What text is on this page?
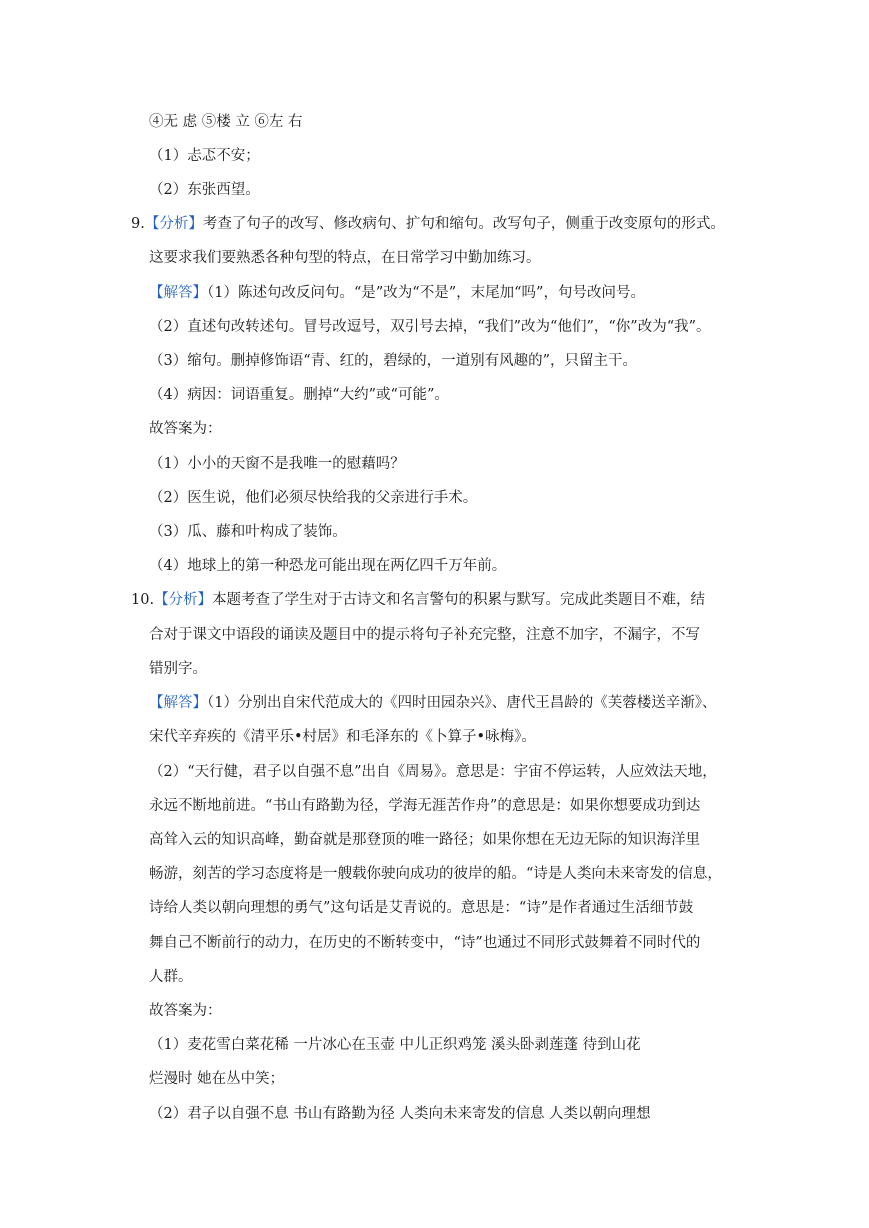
④无 虑 ⑤楼 立 ⑥左 右
（1）忐忑不安；
（2）东张西望。
9.【分析】考查了句子的改写、修改病句、扩句和缩句。改写句子，侧重于改变原句的形式。
这要求我们要熟悉各种句型的特点，在日常学习中勤加练习。
【解答】（1）陈述句改反问句。“是”改为“不是”，末尾加“吗”，句号改问号。
（2）直述句改转述句。冒号改逗号，双引号去掉，“我们”改为“他们”，“你”改为“我”。
（3）缩句。删掉修饰语“青、红的，碧绿的，一道别有风趣的”，只留主干。
（4）病因：词语重复。删掉“大约”或“可能”。
故答案为：
（1）小小的天窗不是我唯一的慰藉吗？
（2）医生说，他们必须尽快给我的父亲进行手术。
（3）瓜、藤和叶构成了装饰。
（4）地球上的第一种恐龙可能出现在两亿四千万年前。
10.【分析】本题考查了学生对于古诗文和名言警句的积累与默写。完成此类题目不难，结
合对于课文中语段的诵读及题目中的提示将句子补充完整，注意不加字，不漏字，不写
错别字。
【解答】（1）分别出自宋代范成大的《四时田园杂兴》、唐代王昌龄的《芙蓉楼送辛渐》、
宋代辛弃疾的《清平乐•村居》和毛泽东的《卜算子•咏梅》。
（2）“天行健，君子以自强不息”出自《周易》。意思是：宇宙不停运转，人应效法天地，
永远不断地前进。“书山有路勤为径，学海无涯苦作舟”的意思是：如果你想要成功到达
高耸入云的知识高峰，勤奋就是那登顶的唯一路径；如果你想在无边无际的知识海洋里
畅游，刻苦的学习态度将是一艘载你驶向成功的彼岸的船。“诗是人类向未来寄发的信息，
诗给人类以朝向理想的勇气”这句话是艾青说的。意思是：“诗”是作者通过生活细节鼓
舞自己不断前行的动力，在历史的不断转变中，“诗”也通过不同形式鼓舞着不同时代的
人群。
故答案为：
（1）麦花雪白菜花稀 一片冰心在玉壶 中儿正织鸡笼 溪头卧剥莲蓬 待到山花
烂漫时 她在丛中笑；
（2）君子以自强不息 书山有路勤为径 人类向未来寄发的信息 人类以朝向理想
